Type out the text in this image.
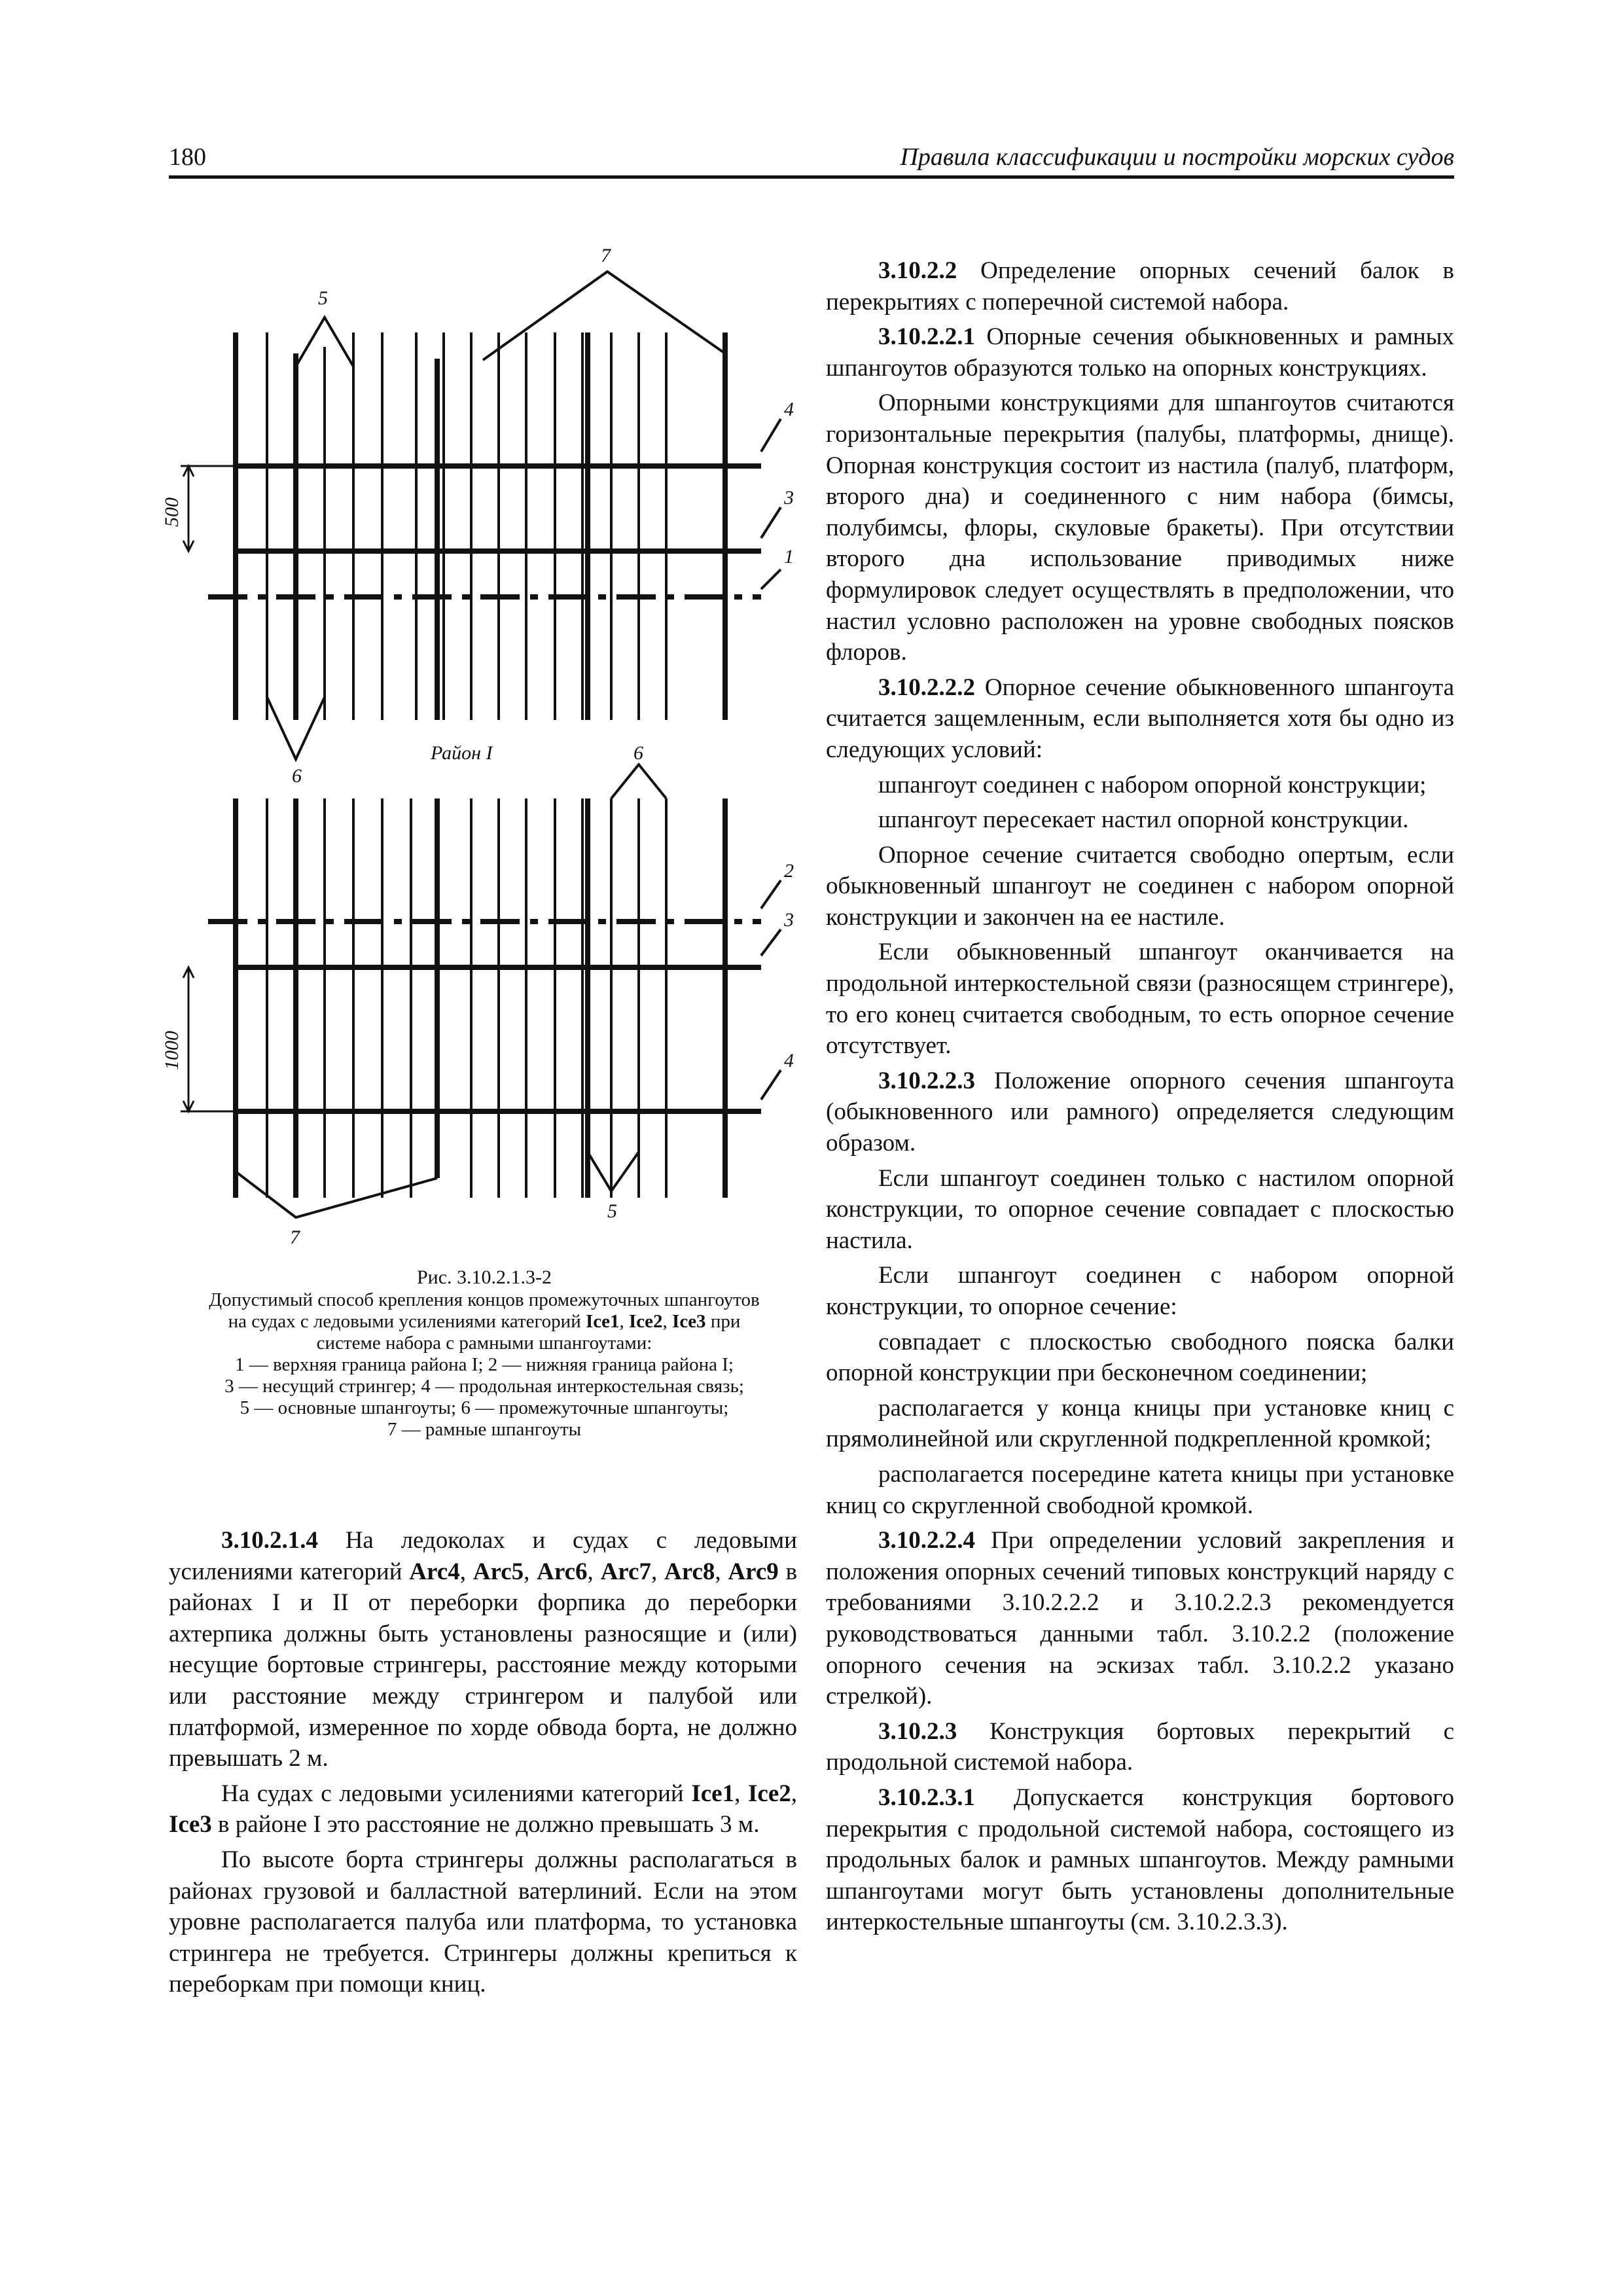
180	Правила классификации и постройки морских судов
5
7
4
3
1
6
Район I	6
2
3
4
5
7
500
1000
Рис. 3.10.2.1.3-2
Допустимый способ крепления концов промежуточных шпангоутов
на судах с ледовыми усилениями категорий Ice1, Ice2, Ice3 при
системе набора с рамными шпангоутами:
1 — верхняя граница района I; 2 — нижняя граница района I;
3 — несущий стрингер; 4 — продольная интеркостельная связь;
5 — основные шпангоуты; 6 — промежуточные шпангоуты;
7 — рамные шпангоуты

3.10.2.1.4 На ледоколах и судах с ледовыми усилениями категорий Arc4, Arc5, Arc6, Arc7, Arc8, Arc9 в районах I и II от переборки форпика до переборки ахтерпика должны быть установлены разносящие и (или) несущие бортовые стрингеры, расстояние между которыми или расстояние между стрингером и палубой или платформой, измеренное по хорде обвода борта, не должно превышать 2 м.

На судах с ледовыми усилениями категорий Ice1, Ice2, Ice3 в районе I это расстояние не должно превышать 3 м.

По высоте борта стрингеры должны располагаться в районах грузовой и балластной ватерлиний. Если на этом уровне располагается палуба или платформа, то установка стрингера не требуется. Стрингеры должны крепиться к переборкам при помощи книц.

3.10.2.2 Определение опорных сечений балок в перекрытиях с поперечной системой набора.

3.10.2.2.1 Опорные сечения обыкновенных и рамных шпангоутов образуются только на опорных конструкциях.

Опорными конструкциями для шпангоутов считаются горизонтальные перекрытия (палубы, платформы, днище). Опорная конструкция состоит из настила (палуб, платформ, второго дна) и соединенного с ним набора (бимсы, полубимсы, флоры, скуловые бракеты). При отсутствии второго дна использование приводимых ниже формулировок следует осуществлять в предположении, что настил условно расположен на уровне свободных поясков флоров.

3.10.2.2.2 Опорное сечение обыкновенного шпангоута считается защемленным, если выполняется хотя бы одно из следующих условий:

шпангоут соединен с набором опорной конструкции;

шпангоут пересекает настил опорной конструкции.

Опорное сечение считается свободно опертым, если обыкновенный шпангоут не соединен с набором опорной конструкции и закончен на ее настиле.

Если обыкновенный шпангоут оканчивается на продольной интеркостельной связи (разносящем стрингере), то его конец считается свободным, то есть опорное сечение отсутствует.

3.10.2.2.3 Положение опорного сечения шпангоута (обыкновенного или рамного) определяется следующим образом.

Если шпангоут соединен только с настилом опорной конструкции, то опорное сечение совпадает с плоскостью настила.

Если шпангоут соединен с набором опорной конструкции, то опорное сечение:

совпадает с плоскостью свободного пояска балки опорной конструкции при бесконечном соединении;

располагается у конца кницы при установке книц с прямолинейной или скругленной подкрепленной кромкой;

располагается посередине катета кницы при установке книц со скругленной свободной кромкой.

3.10.2.2.4 При определении условий закрепления и положения опорных сечений типовых конструкций наряду с требованиями 3.10.2.2.2 и 3.10.2.2.3 рекомендуется руководствоваться данными табл. 3.10.2.2 (положение опорного сечения на эскизах табл. 3.10.2.2 указано стрелкой).

3.10.2.3 Конструкция бортовых перекрытий с продольной системой набора.

3.10.2.3.1 Допускается конструкция бортового перекрытия с продольной системой набора, состоящего из продольных балок и рамных шпангоутов. Между рамными шпангоутами могут быть установлены дополнительные интеркостельные шпангоуты (см. 3.10.2.3.3).
